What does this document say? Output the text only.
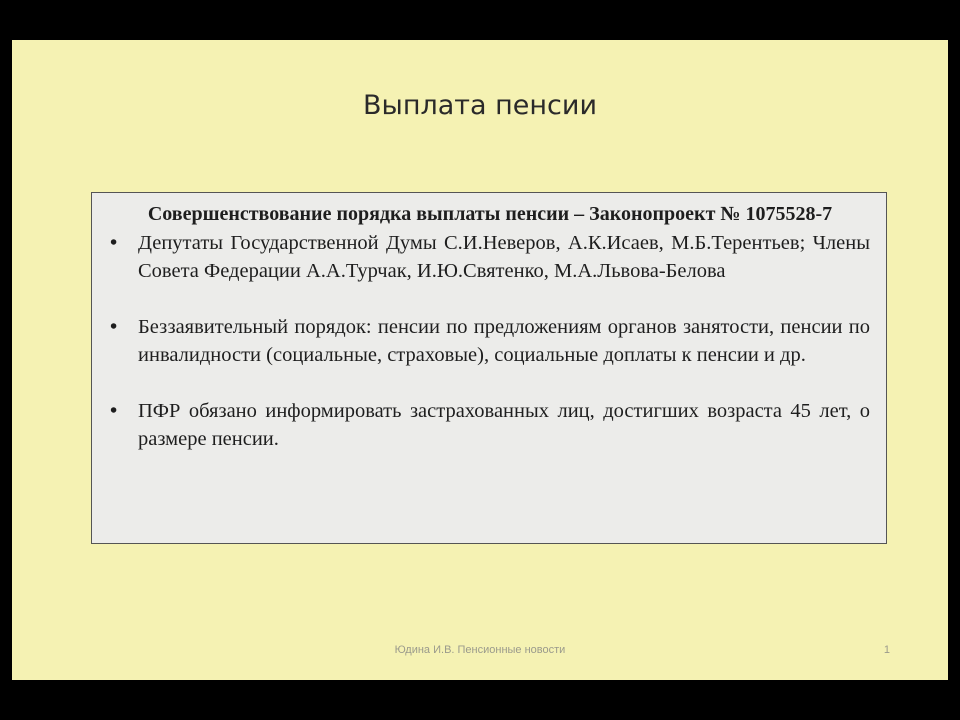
Выплата пенсии
Совершенствование порядка выплаты пенсии – Законопроект № 1075528-7
•	Депутаты Государственной Думы С.И.Неверов, А.К.Исаев, М.Б.Терентьев; Члены Совета Федерации А.А.Турчак, И.Ю.Святенко, М.А.Львова-Белова
•	Беззаявительный порядок: пенсии по предложениям органов занятости, пенсии по инвалидности (социальные, страховые), социальные доплаты к пенсии и др.
•	ПФР обязано информировать застрахованных лиц, достигших возраста 45 лет, о размере пенсии.
Юдина И.В. Пенсионные новости	1
